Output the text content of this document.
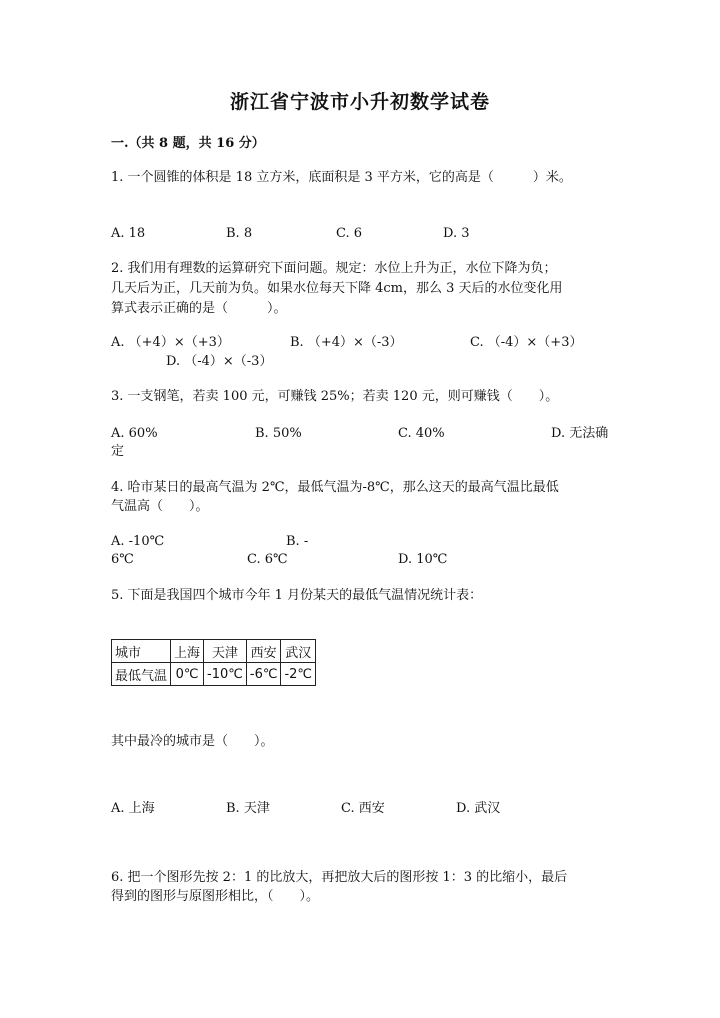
浙江省宁波市小升初数学试卷
一.（共 8 题，共 16 分）
1. 一个圆锥的体积是 18 立方米，底面积是 3 平方米，它的高是（　　　）米。
A. 18	B. 8	C. 6	D. 3
2. 我们用有理数的运算研究下面问题。规定：水位上升为正，水位下降为负；
几天后为正，几天前为负。如果水位每天下降 4cm，那么 3 天后的水位变化用
算式表示正确的是（　　　）。
A. （+4）×（+3）	B. （+4）×（-3）	C. （-4）×（+3）
D. （-4）×（-3）
3. 一支钢笔，若卖 100 元，可赚钱 25%；若卖 120 元，则可赚钱（　　）。
A. 60%	B. 50%	C. 40%	D. 无法确
定
4. 哈市某日的最高气温为 2℃，最低气温为-8℃，那么这天的最高气温比最低
气温高（　　）。
A. -10℃	B. -
6℃	C. 6℃	D. 10℃
5. 下面是我国四个城市今年 1 月份某天的最低气温情况统计表：
城市	上海	天津	西安	武汉
最低气温	0℃	-10℃	-6℃	-2℃
其中最冷的城市是（　　）。
A. 上海	B. 天津	C. 西安	D. 武汉
6. 把一个图形先按 2：1 的比放大，再把放大后的图形按 1：3 的比缩小，最后
得到的图形与原图形相比，（　　）。
